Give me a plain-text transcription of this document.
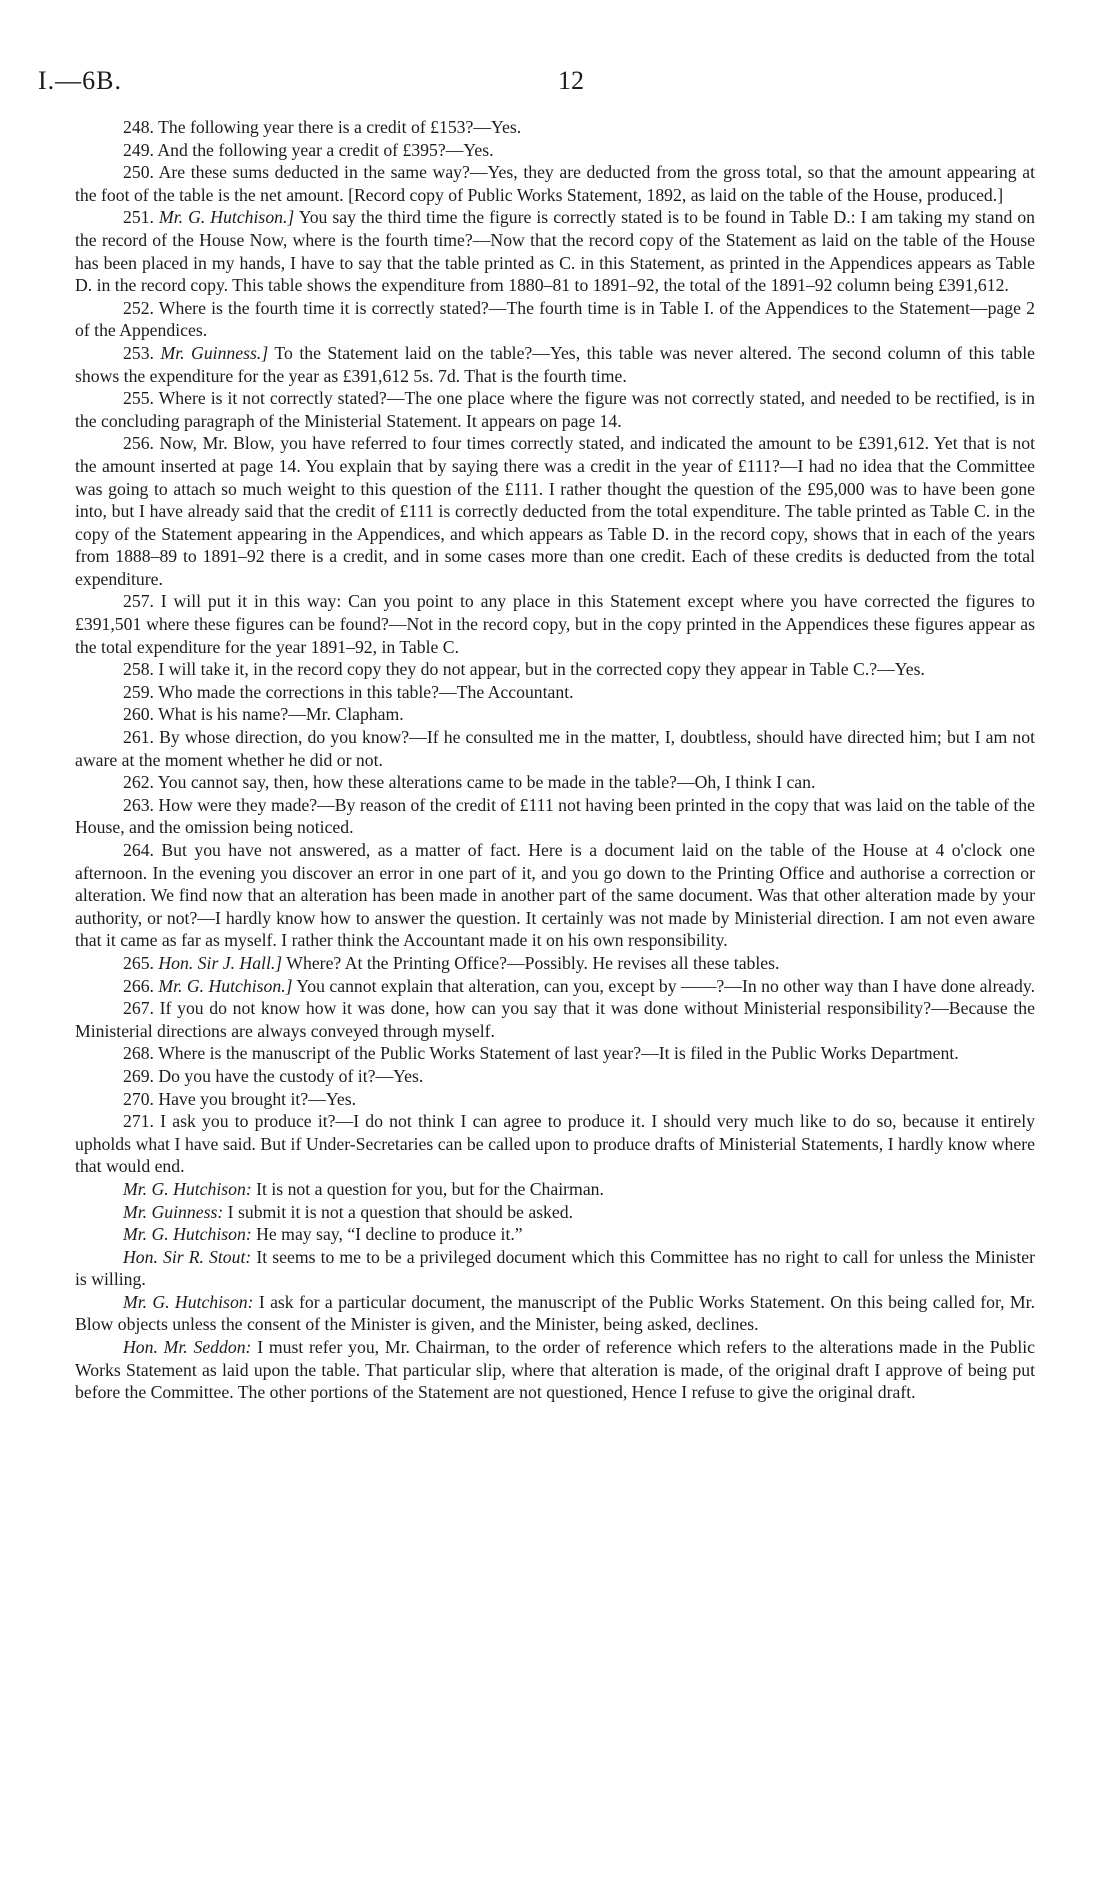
I.—6B.	12

248. The following year there is a credit of £153?—Yes.

249. And the following year a credit of £395?—Yes.

250. Are these sums deducted in the same way?—Yes, they are deducted from the gross total, so that the amount appearing at the foot of the table is the net amount. [Record copy of Public Works Statement, 1892, as laid on the table of the House, produced.]

251. Mr. G. Hutchison.] You say the third time the figure is correctly stated is to be found in Table D.: I am taking my stand on the record of the House Now, where is the fourth time?—Now that the record copy of the Statement as laid on the table of the House has been placed in my hands, I have to say that the table printed as C. in this Statement, as printed in the Appendices appears as Table D. in the record copy. This table shows the expenditure from 1880–81 to 1891–92, the total of the 1891–92 column being £391,612.

252. Where is the fourth time it is correctly stated?—The fourth time is in Table I. of the Appendices to the Statement—page 2 of the Appendices.

253. Mr. Guinness.] To the Statement laid on the table?—Yes, this table was never altered. The second column of this table shows the expenditure for the year as £391,612 5s. 7d. That is the fourth time.

255. Where is it not correctly stated?—The one place where the figure was not correctly stated, and needed to be rectified, is in the concluding paragraph of the Ministerial Statement. It appears on page 14.

256. Now, Mr. Blow, you have referred to four times correctly stated, and indicated the amount to be £391,612. Yet that is not the amount inserted at page 14. You explain that by saying there was a credit in the year of £111?—I had no idea that the Committee was going to attach so much weight to this question of the £111. I rather thought the question of the £95,000 was to have been gone into, but I have already said that the credit of £111 is correctly deducted from the total expenditure. The table printed as Table C. in the copy of the Statement appearing in the Appendices, and which appears as Table D. in the record copy, shows that in each of the years from 1888–89 to 1891–92 there is a credit, and in some cases more than one credit. Each of these credits is deducted from the total expenditure.

257. I will put it in this way: Can you point to any place in this Statement except where you have corrected the figures to £391,501 where these figures can be found?—Not in the record copy, but in the copy printed in the Appendices these figures appear as the total expenditure for the year 1891–92, in Table C.

258. I will take it, in the record copy they do not appear, but in the corrected copy they appear in Table C.?—Yes.

259. Who made the corrections in this table?—The Accountant.

260. What is his name?—Mr. Clapham.

261. By whose direction, do you know?—If he consulted me in the matter, I, doubtless, should have directed him; but I am not aware at the moment whether he did or not.

262. You cannot say, then, how these alterations came to be made in the table?—Oh, I think I can.

263. How were they made?—By reason of the credit of £111 not having been printed in the copy that was laid on the table of the House, and the omission being noticed.

264. But you have not answered, as a matter of fact. Here is a document laid on the table of the House at 4 o'clock one afternoon. In the evening you discover an error in one part of it, and you go down to the Printing Office and authorise a correction or alteration. We find now that an alteration has been made in another part of the same document. Was that other alteration made by your authority, or not?—I hardly know how to answer the question. It certainly was not made by Ministerial direction. I am not even aware that it came as far as myself. I rather think the Accountant made it on his own responsibility.

265. Hon. Sir J. Hall.] Where? At the Printing Office?—Possibly. He revises all these tables.

266. Mr. G. Hutchison.] You cannot explain that alteration, can you, except by ——?—In no other way than I have done already.

267. If you do not know how it was done, how can you say that it was done without Ministerial responsibility?—Because the Ministerial directions are always conveyed through myself.

268. Where is the manuscript of the Public Works Statement of last year?—It is filed in the Public Works Department.

269. Do you have the custody of it?—Yes.

270. Have you brought it?—Yes.

271. I ask you to produce it?—I do not think I can agree to produce it. I should very much like to do so, because it entirely upholds what I have said. But if Under-Secretaries can be called upon to produce drafts of Ministerial Statements, I hardly know where that would end.

Mr. G. Hutchison: It is not a question for you, but for the Chairman.

Mr. Guinness: I submit it is not a question that should be asked.

Mr. G. Hutchison: He may say, “I decline to produce it.”

Hon. Sir R. Stout: It seems to me to be a privileged document which this Committee has no right to call for unless the Minister is willing.

Mr. G. Hutchison: I ask for a particular document, the manuscript of the Public Works Statement. On this being called for, Mr. Blow objects unless the consent of the Minister is given, and the Minister, being asked, declines.

Hon. Mr. Seddon: I must refer you, Mr. Chairman, to the order of reference which refers to the alterations made in the Public Works Statement as laid upon the table. That particular slip, where that alteration is made, of the original draft I approve of being put before the Committee. The other portions of the Statement are not questioned, Hence I refuse to give the original draft.
